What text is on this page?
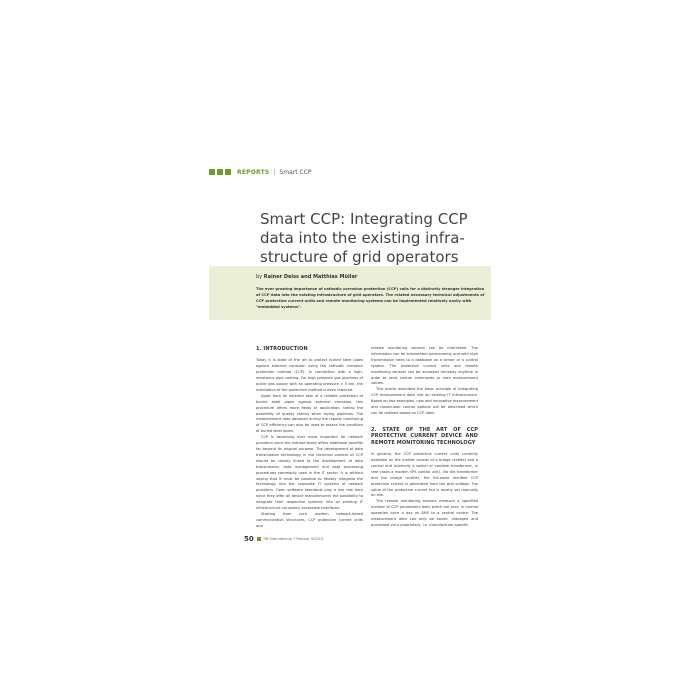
REPORTS | Smart CCP
Smart CCP: Integrating CCP data into the existing infra-structure of grid operators
by Rainer Deiss and Matthias Müller
The ever growing importance of cathodic corrosion protection (CCP) calls for a distinctly stronger integration of CCP data into the existing infrastructure of grid operators. The related necessary technical adjustments of CCP protective current units and remote monitoring systems can be implemented relatively easily with "embedded systems".
1. INTRODUCTION

Today it is state of the art to protect buried steel pipes against external corrosion using the cathodic corrosion protection method (CCP). In connection with a high-resistance pipe coating. For high pressure gas pipelines of public gas supply with an operating pressure > 5 bar, the installation of the protection method is even required.

Apart from its inherent task of a reliable protection of buried steel pipes against external corrosion, this procedure offers more fields of application, taking the possibility of quality checks when laying pipelines. The measurement data obtained during the regular monitoring of CCP efficiency can also be used to assess the condition of buried steel pipes.

CCP is becoming ever more important for network providers since the method today offers additional benefits far beyond its original purpose. The development of data transmission technology in the technical context of CCP should be closely linked to the development of data transmission, data management and data processing procedures commonly used in the IT sector. It is without saying that it must be possible to flexibly integrate the technology into the corporate IT systems of network providers. Open software standards play a key role here since they offer all device manufacturers the possibility to integrate their respective systems into an existing IT infrastructure via openly accessible interfaces.

Starting from such modern network-based communication structures, CCP protective current units and

remote monitoring sensors can be interlinked. The information can be transmitted permanently and with high transmission rates to a database on a server or a control system. The protective current units and remote monitoring sensors can be accessed remotely anytime in order to send control commands or read measurement values.

This article describes the basic principle of integrating CCP measurement data into an existing IT infrastructure. Based on two examples, new and innovative measurement and closed-loop control options will be described which can be realised based on CCP data.

2. STATE OF THE ART OF CCP PROTECTIVE CURRENT DEVICE AND REMOTE MONITORING TECHNOLOGY

In general, the CCP protective current units currently available on the market consist of a bridge rectifier and a control unit (normally a switch or variable transformer, in rare cases a modern SPS control unit). Via the transformer and the bridge rectifier, the full-wave rectified CCP protective current is generated from the grid voltage. The value of the protective current fed is mostly set manually on site.

The remote monitoring sensors measure a specified number of CCP parameters daily which are sent, in normal operation once a day as SMS to a central centre. The measurement data can only be saved, managed and processed via a proprietary, i.e. manufacturer-specific

50	3R International 7 Februar 9/2013
